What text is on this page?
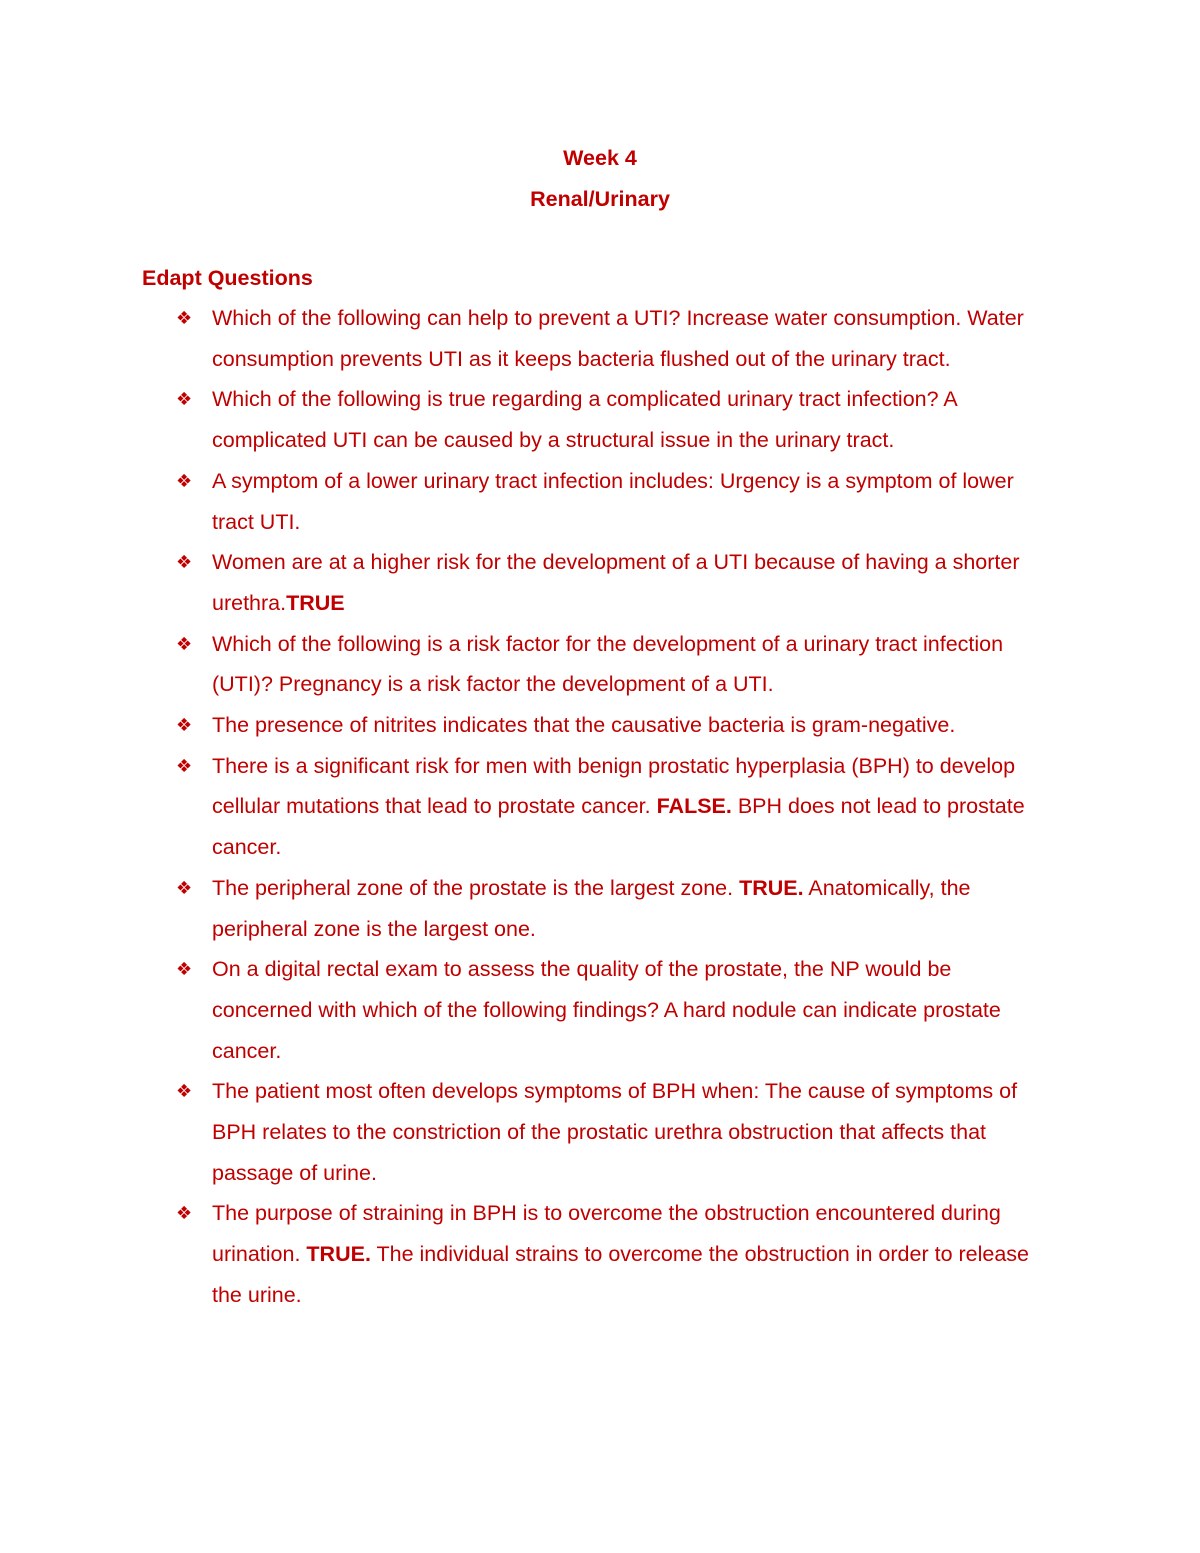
Week 4
Renal/Urinary
Edapt Questions
❖ Which of the following can help to prevent a UTI? Increase water consumption. Water consumption prevents UTI as it keeps bacteria flushed out of the urinary tract.
❖ Which of the following is true regarding a complicated urinary tract infection? A complicated UTI can be caused by a structural issue in the urinary tract.
❖ A symptom of a lower urinary tract infection includes: Urgency is a symptom of lower tract UTI.
❖ Women are at a higher risk for the development of a UTI because of having a shorter urethra.TRUE
❖ Which of the following is a risk factor for the development of a urinary tract infection (UTI)? Pregnancy is a risk factor the development of a UTI.
❖ The presence of nitrites indicates that the causative bacteria is gram-negative.
❖ There is a significant risk for men with benign prostatic hyperplasia (BPH) to develop cellular mutations that lead to prostate cancer. FALSE. BPH does not lead to prostate cancer.
❖ The peripheral zone of the prostate is the largest zone. TRUE. Anatomically, the peripheral zone is the largest one.
❖ On a digital rectal exam to assess the quality of the prostate, the NP would be concerned with which of the following findings? A hard nodule can indicate prostate cancer.
❖ The patient most often develops symptoms of BPH when: The cause of symptoms of BPH relates to the constriction of the prostatic urethra obstruction that affects that passage of urine.
❖ The purpose of straining in BPH is to overcome the obstruction encountered during urination. TRUE. The individual strains to overcome the obstruction in order to release the urine.
